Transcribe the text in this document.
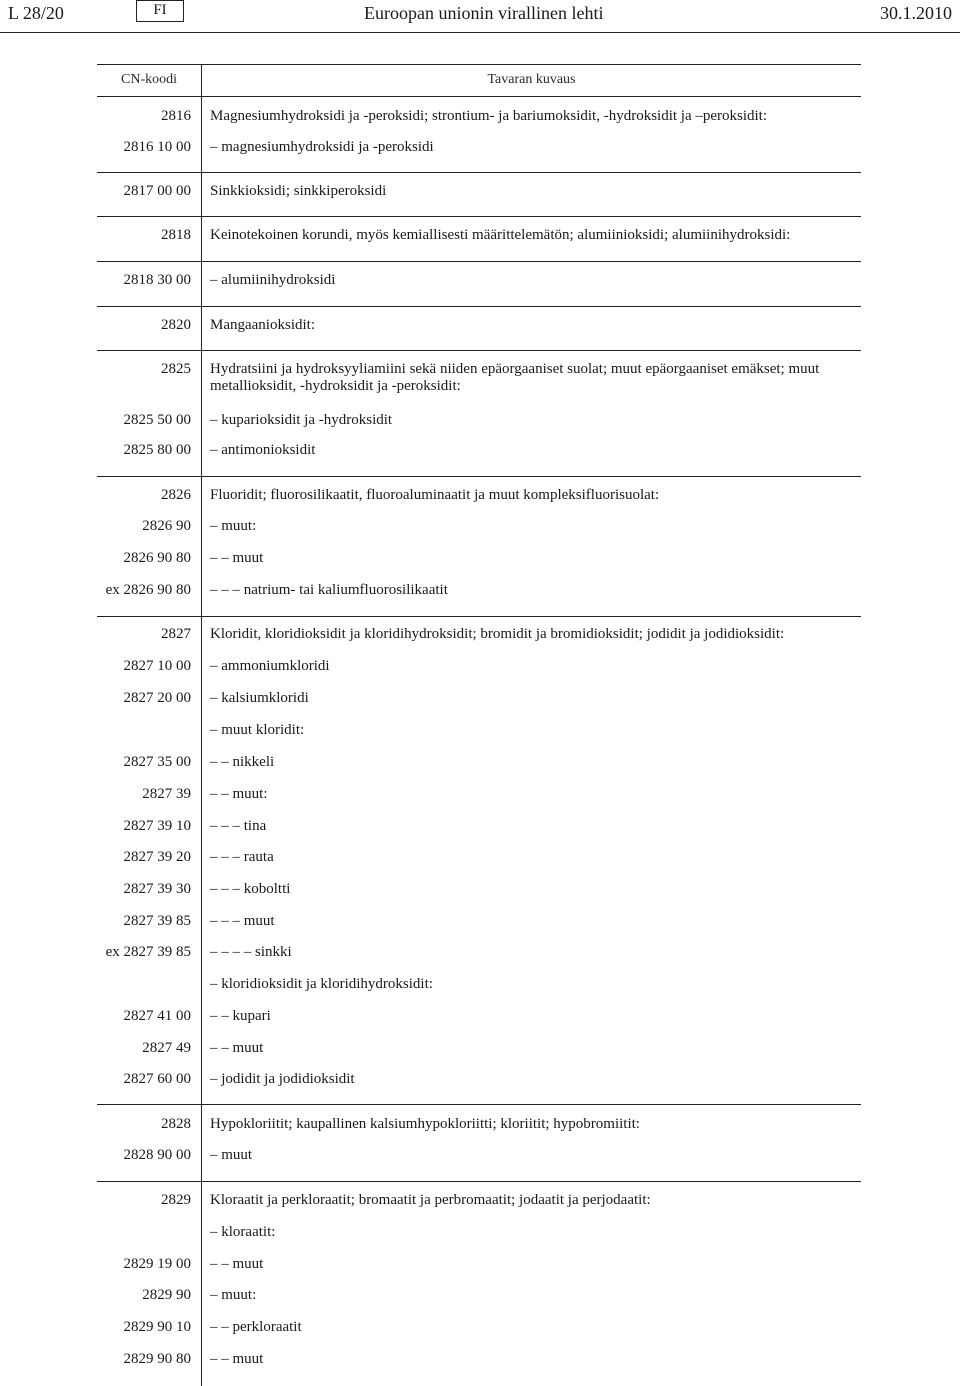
L 28/20	FI	Euroopan unionin virallinen lehti	30.1.2010
CN-koodi	Tavaran kuvaus
2816 Magnesiumhydroksidi ja -peroksidi; strontium- ja bariumoksidit, -hydroksidit ja –peroksidit:
2816 10 00 – magnesiumhydroksidi ja -peroksidi
2817 00 00 Sinkkioksidi; sinkkiperoksidi
2818 Keinotekoinen korundi, myös kemiallisesti määrittelemätön; alumiinioksidi; alumiinihydroksidi:
2818 30 00 – alumiinihydroksidi
2820 Mangaanioksidit:
2825 Hydratsiini ja hydroksyyliamiini sekä niiden epäorgaaniset suolat; muut epäorgaaniset emäkset; muut metallioksidit, -hydroksidit ja -peroksidit:
2825 50 00 – kuparioksidit ja -hydroksidit
2825 80 00 – antimonioksidit
2826 Fluoridit; fluorosilikaatit, fluoroaluminaatit ja muut kompleksifluorisuolat:
2826 90 – muut:
2826 90 80 – – muut
ex 2826 90 80 – – – natrium- tai kaliumfluorosilikaatit
2827 Kloridit, kloridioksidit ja kloridihydroksidit; bromidit ja bromidioksidit; jodidit ja jodidioksidit:
2827 10 00 – ammoniumkloridi
2827 20 00 – kalsiumkloridi
– muut kloridit:
2827 35 00 – – nikkeli
2827 39 – – muut:
2827 39 10 – – – tina
2827 39 20 – – – rauta
2827 39 30 – – – koboltti
2827 39 85 – – – muut
ex 2827 39 85 – – – – sinkki
– kloridioksidit ja kloridihydroksidit:
2827 41 00 – – kupari
2827 49 – – muut
2827 60 00 – jodidit ja jodidioksidit
2828 Hypokloriitit; kaupallinen kalsiumhypokloriitti; kloriitit; hypobromiitit:
2828 90 00 – muut
2829 Kloraatit ja perkloraatit; bromaatit ja perbromaatit; jodaatit ja perjodaatit:
– kloraatit:
2829 19 00 – – muut
2829 90 – muut:
2829 90 10 – – perkloraatit
2829 90 80 – – muut
